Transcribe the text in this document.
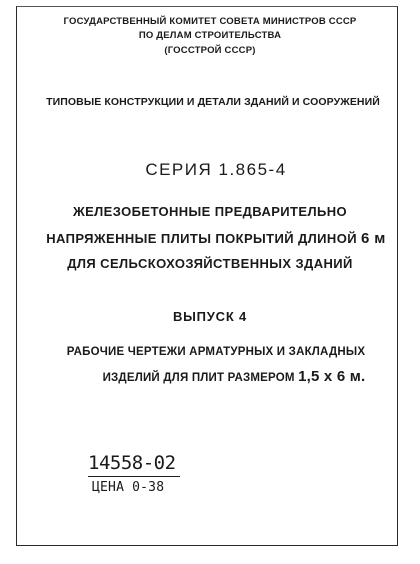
ГОСУДАРСТВЕННЫЙ КОМИТЕТ СОВЕТА МИНИСТРОВ СССР
ПО ДЕЛАМ СТРОИТЕЛЬСТВА
(ГОССТРОЙ СССР)
ТИПОВЫЕ КОНСТРУКЦИИ И ДЕТАЛИ ЗДАНИЙ И СООРУЖЕНИЙ
СЕРИЯ 1.865-4
ЖЕЛЕЗОБЕТОННЫЕ ПРЕДВАРИТЕЛЬНО
НАПРЯЖЕННЫЕ ПЛИТЫ ПОКРЫТИЙ ДЛИНОЙ 6 м
ДЛЯ СЕЛЬСКОХОЗЯЙСТВЕННЫХ ЗДАНИЙ
ВЫПУСК 4
РАБОЧИЕ ЧЕРТЕЖИ АРМАТУРНЫХ И ЗАКЛАДНЫХ
ИЗДЕЛИЙ ДЛЯ ПЛИТ РАЗМЕРОМ 1,5 х 6 м.
14558-02
ЦЕНА 0-38
